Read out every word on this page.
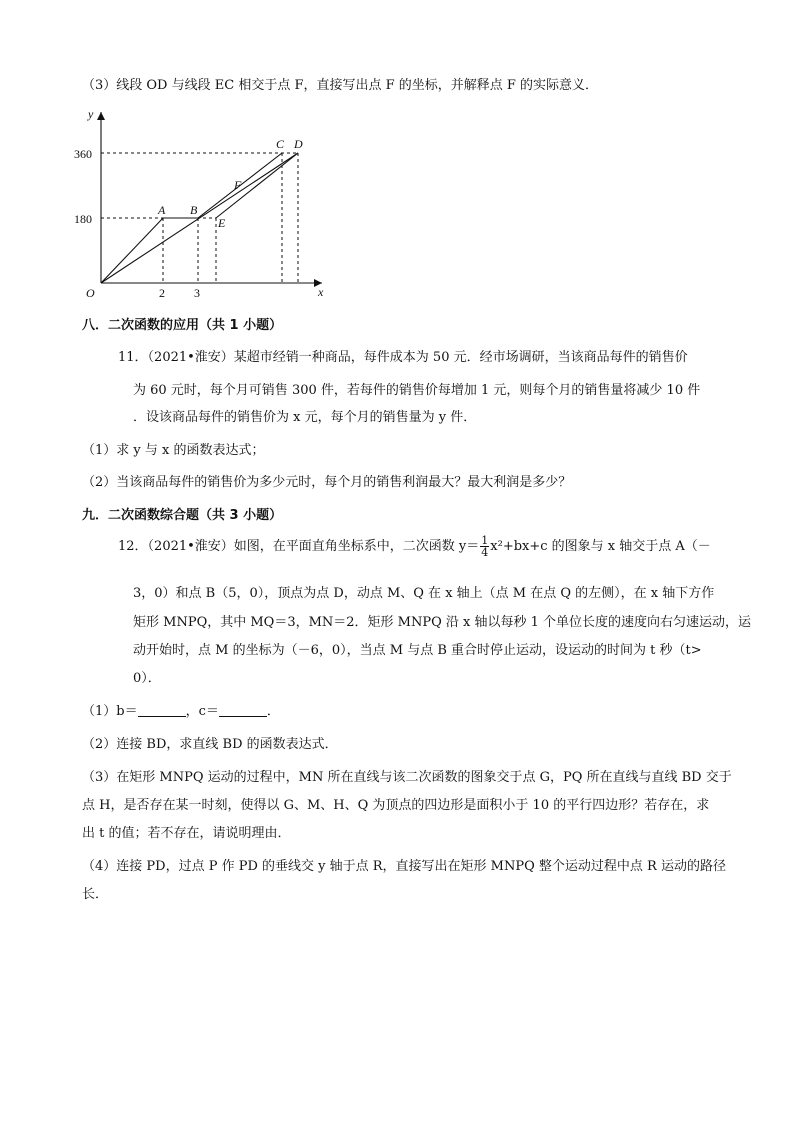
（3）线段 OD 与线段 EC 相交于点 F，直接写出点 F 的坐标，并解释点 F 的实际意义．
y
x
O
360
180
2 3
A B
E
F
C D
八．二次函数的应用（共 1 小题）
11．（2021•淮安）某超市经销一种商品，每件成本为 50 元．经市场调研，当该商品每件的销售价
为 60 元时，每个月可销售 300 件，若每件的销售价每增加 1 元，则每个月的销售量将减少 10 件
．设该商品每件的销售价为 x 元，每个月的销售量为 y 件．
（1）求 y 与 x 的函数表达式；
（2）当该商品每件的销售价为多少元时，每个月的销售利润最大？最大利润是多少？
九．二次函数综合题（共 3 小题）
12．（2021•淮安）如图，在平面直角坐标系中，二次函数 $y= \frac{1}{4} x^2+bx+c$ 的图象与 x 轴交于点 A（－
3，0）和点 B（5，0），顶点为点 D，动点 M、Q 在 x 轴上（点 M 在点 Q 的左侧），在 x 轴下方作
矩形 MNPQ，其中 MQ＝3，MN＝2．矩形 MNPQ 沿 x 轴以每秒 1 个单位长度的速度向右匀速运动，运
动开始时，点 M 的坐标为（－6，0），当点 M 与点 B 重合时停止运动，设运动的时间为 t 秒（t>
0）．
（1）b＝	，c＝	．
（2）连接 BD，求直线 BD 的函数表达式．
（3）在矩形 MNPQ 运动的过程中，MN 所在直线与该二次函数的图象交于点 G，PQ 所在直线与直线 BD 交于
点 H，是否存在某一时刻，使得以 G、M、H、Q 为顶点的四边形是面积小于 10 的平行四边形？若存在，求
出 t 的值；若不存在，请说明理由．
（4）连接 PD，过点 P 作 PD 的垂线交 y 轴于点 R，直接写出在矩形 MNPQ 整个运动过程中点 R 运动的路径
长．
